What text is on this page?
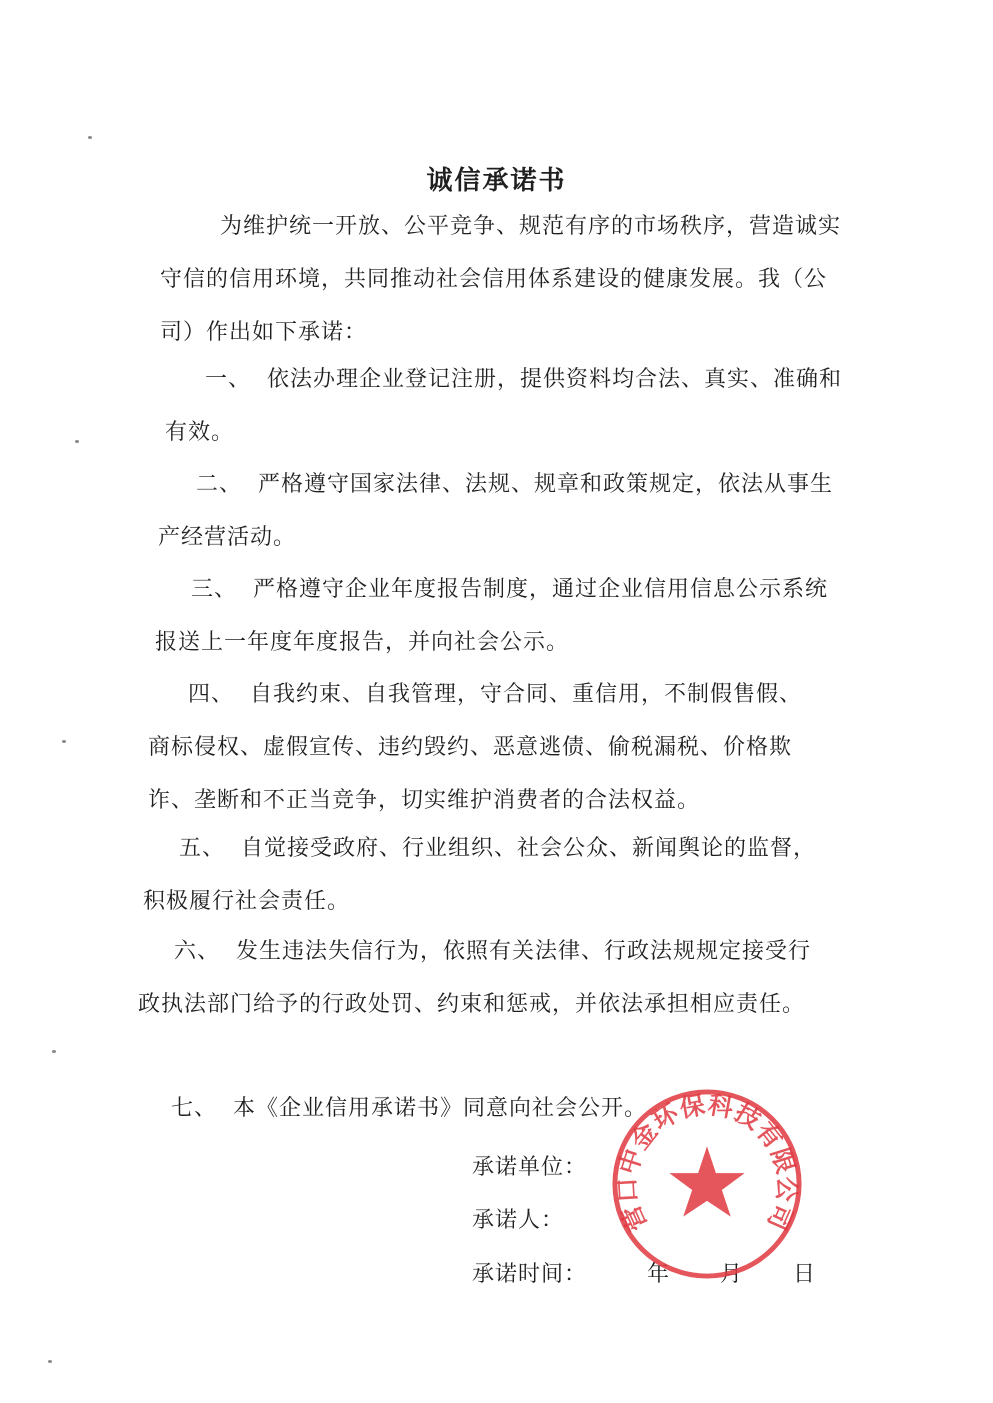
诚信承诺书

为维护统一开放、公平竞争、规范有序的市场秩序，营造诚实守信的信用环境，共同推动社会信用体系建设的健康发展。我（公司）作出如下承诺：

一、 依法办理企业登记注册，提供资料均合法、真实、准确和有效。

二、 严格遵守国家法律、法规、规章和政策规定，依法从事生产经营活动。

三、 严格遵守企业年度报告制度，通过企业信用信息公示系统报送上一年度年度报告，并向社会公示。

四、 自我约束、自我管理，守合同、重信用，不制假售假、商标侵权、虚假宣传、违约毁约、恶意逃债、偷税漏税、价格欺诈、垄断和不正当竞争，切实维护消费者的合法权益。

五、 自觉接受政府、行业组织、社会公众、新闻舆论的监督，积极履行社会责任。

六、 发生违法失信行为，依照有关法律、行政法规规定接受行政执法部门给予的行政处罚、约束和惩戒，并依法承担相应责任。

七、 本《企业信用承诺书》同意向社会公开。

承诺单位：
承诺人：
承诺时间：	年 月 日
营口中金环保科技有限公司
